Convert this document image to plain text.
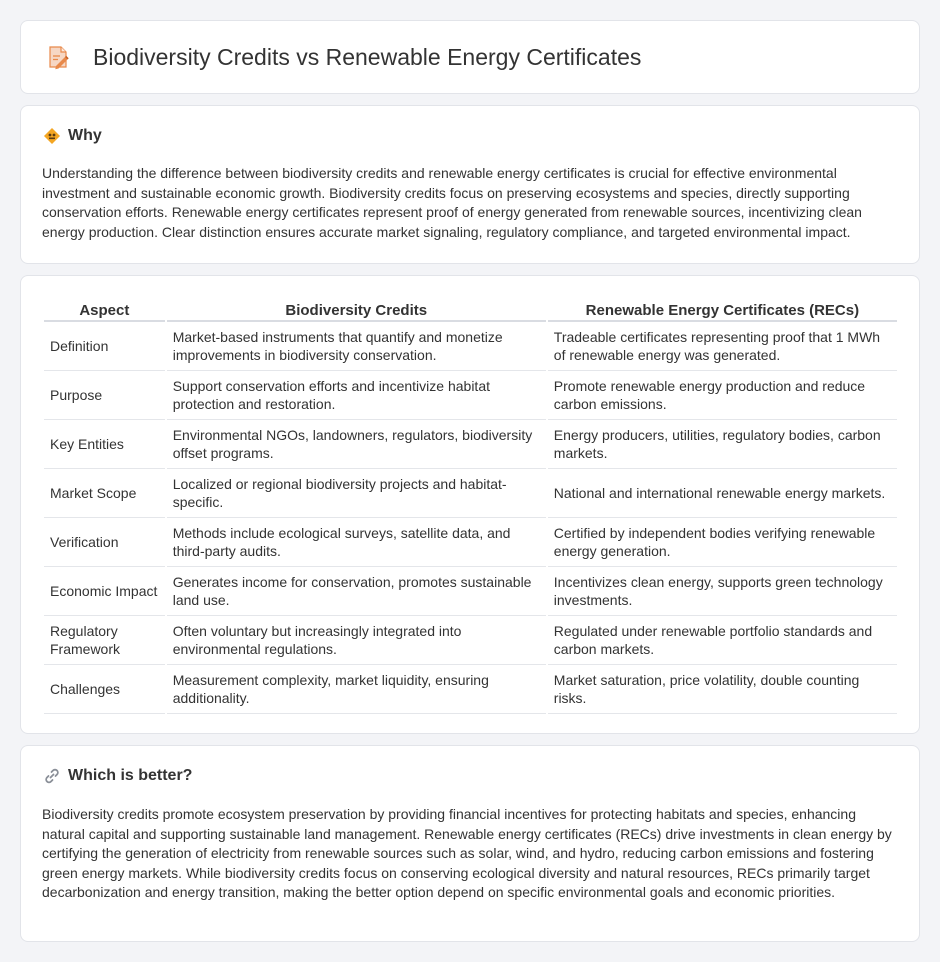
Biodiversity Credits vs Renewable Energy Certificates
Why

Understanding the difference between biodiversity credits and renewable energy certificates is crucial for effective environmental investment and sustainable economic growth. Biodiversity credits focus on preserving ecosystems and species, directly supporting conservation efforts. Renewable energy certificates represent proof of energy generated from renewable sources, incentivizing clean energy production. Clear distinction ensures accurate market signaling, regulatory compliance, and targeted environmental impact.

Aspect	Biodiversity Credits	Renewable Energy Certificates (RECs)
Definition	Market-based instruments that quantify and monetize improvements in biodiversity conservation.	Tradeable certificates representing proof that 1 MWh of renewable energy was generated.
Purpose	Support conservation efforts and incentivize habitat protection and restoration.	Promote renewable energy production and reduce carbon emissions.
Key Entities	Environmental NGOs, landowners, regulators, biodiversity offset programs.	Energy producers, utilities, regulatory bodies, carbon markets.
Market Scope	Localized or regional biodiversity projects and habitat-specific.	National and international renewable energy markets.
Verification	Methods include ecological surveys, satellite data, and third-party audits.	Certified by independent bodies verifying renewable energy generation.
Economic Impact	Generates income for conservation, promotes sustainable land use.	Incentivizes clean energy, supports green technology investments.
Regulatory Framework	Often voluntary but increasingly integrated into environmental regulations.	Regulated under renewable portfolio standards and carbon markets.
Challenges	Measurement complexity, market liquidity, ensuring additionality.	Market saturation, price volatility, double counting risks.
Which is better?

Biodiversity credits promote ecosystem preservation by providing financial incentives for protecting habitats and species, enhancing natural capital and supporting sustainable land management. Renewable energy certificates (RECs) drive investments in clean energy by certifying the generation of electricity from renewable sources such as solar, wind, and hydro, reducing carbon emissions and fostering green energy markets. While biodiversity credits focus on conserving ecological diversity and natural resources, RECs primarily target decarbonization and energy transition, making the better option depend on specific environmental goals and economic priorities.
